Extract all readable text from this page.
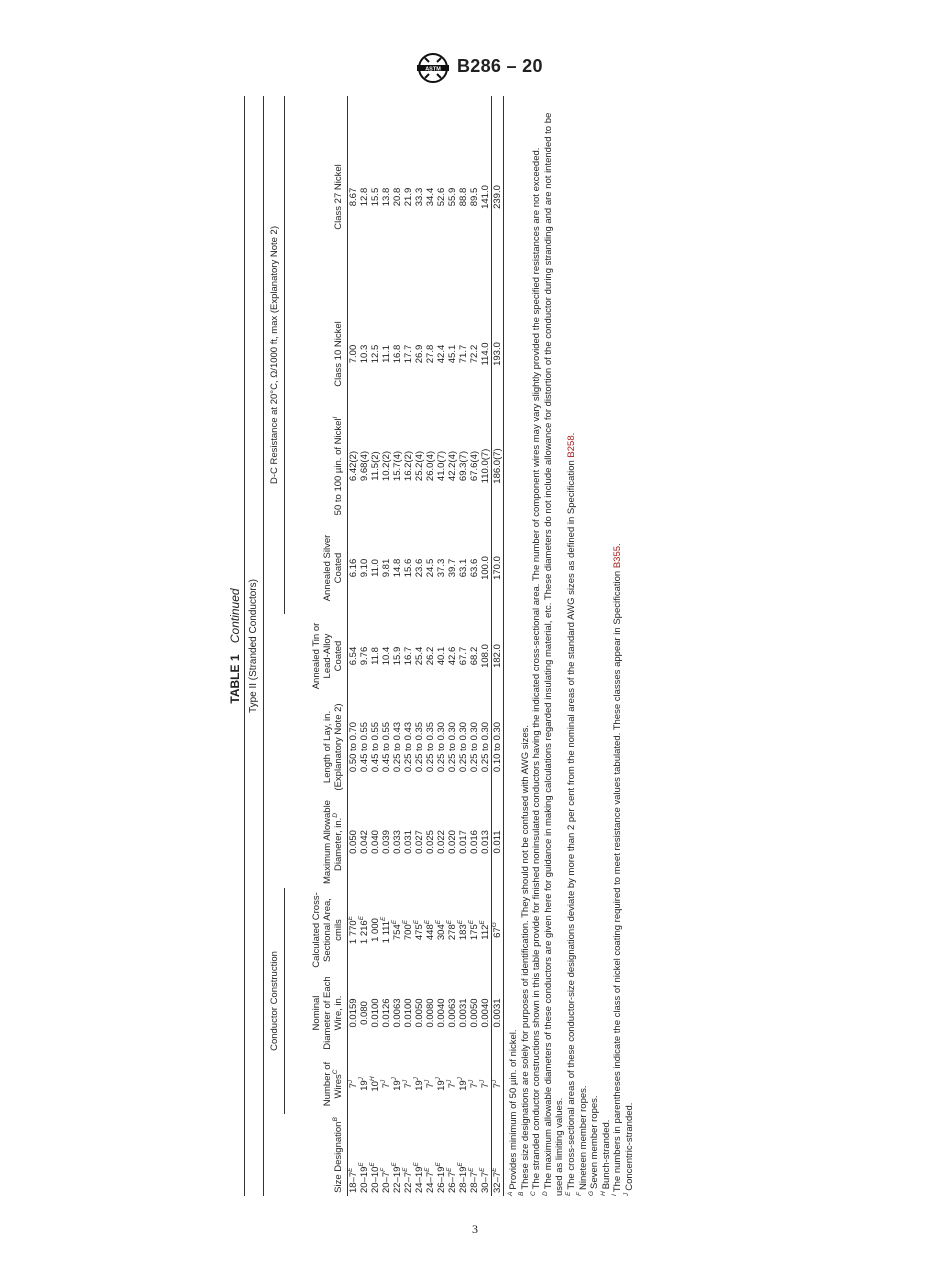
ASTM B286 – 20
TABLE 1 Continued Type II (Stranded Conductors)
	Conductor Construction						D-C Resistance at 20°C, Ω/1000 ft, max (Explanatory Note 2)			
Size Designation$^B$	Number of Wires$^C$	Nominal Diameter of Each Wire, in.	Calculated Cross-Sectional Area, cmils	Maximum Allowable Diameter, in.$^D$	Length of Lay, in. (Explanatory Note 2)	Annealed Tin or Lead-Alloy Coated	Annealed Silver Coated	50 to 100 µin. of Nickel$^I$	Class 10 Nickel	Class 27 Nickel
$18-7^E$	$7^J$	0.0159	1 $770^E$	0.050	0.50 to 0.70	6.54	6.16	6.42(2)	7.00	8.67
$20-19^E$	$19^J$	0.080	1 $216^E$	0.042	0.45 to 0.55	9.76	9.10	9.68(4)	10.3	12.8
$20-10^E$	$10^H$	0.0100	1 000	0.040	0.45 to 0.55	11.8	11.0	11.5(2)	12.5	15.5
$20-7^F$	$7^J$	0.0126	1 $111^E$	0.039	0.45 to 0.55	10.4	9.81	10.2(2)	11.1	13.8
$22-19^E$	$19^J$	0.0063	$754^E$	0.033	0.25 to 0.43	15.9	14.8	15.7(4)	16.8	20.8
$22-7^E$	$7^J$	0.0100	$700^E$	0.031	0.25 to 0.43	16.7	15.6	16.2(2)	17.7	21.9
$24-19^E$	$19^J$	0.0050	$475^E$	0.027	0.25 to 0.35	25.4	23.6	25.2(4)	26.9	33.3
$24-7^E$	$7^J$	0.0080	$448^E$	0.025	0.25 to 0.35	26.2	24.5	26.0(4)	27.8	34.4
$26-19^E$	$19^J$	0.0040	$304^E$	0.022	0.25 to 0.30	40.1	37.3	41.0(7)	42.4	52.6
$26-7^E$	$7^J$	0.0063	$278^E$	0.020	0.25 to 0.30	42.6	39.7	42.2(4)	45.1	55.9
$28-19^E$	$19^J$	0.0031	$183^E$	0.017	0.25 to 0.30	67.7	63.1	69.3(7)	71.7	88.8
$28-7^E$	$7^J$	0.0050	$175^E$	0.016	0.25 to 0.30	68.2	63.6	67.6(4)	72.2	89.5
$30-7^E$	$7^J$	0.0040	$112^E$	0.013	0.25 to 0.30	108.0	100.0	110.0(7)	114.0	141.0
$32-7^E$	$7^J$	0.0031	$67^G$	0.011	0.10 to 0.30	182.0	170.0	186.0(7)	193.0	239.0
$^A$Provides minimum of 50 µin. of nickel.
$^B$These size designations are solely for purposes of identification. They should not be confused with AWG sizes.
$^C$The stranded conductor constructions shown in this table provide for finished noninsulated conductors having the indicated cross-sectional area. The number of component wires may vary slightly provided the specified resistances are not exceeded.
$^D$The maximum allowable diameters of these conductors are given here for guidance in making calculations regarded insulating material, etc. These diameters do not include allowance for distortion of the conductor during stranding and are not intended to be used as limiting values. $^E$The cross-sectional areas of these conductor-size designations deviate by more than 2 per cent from the nominal areas of the standard AWG sizes as defined in Specification B258.
$^F$Nineteen member ropes.
$^G$Seven member ropes.
$^H$Bunch-stranded.
$^I$The numbers in parentheses indicate the class of nickel coating required to meet resistance values tabulated. These classes appear in Specification B355.
$^J$Concentric-stranded.
3
